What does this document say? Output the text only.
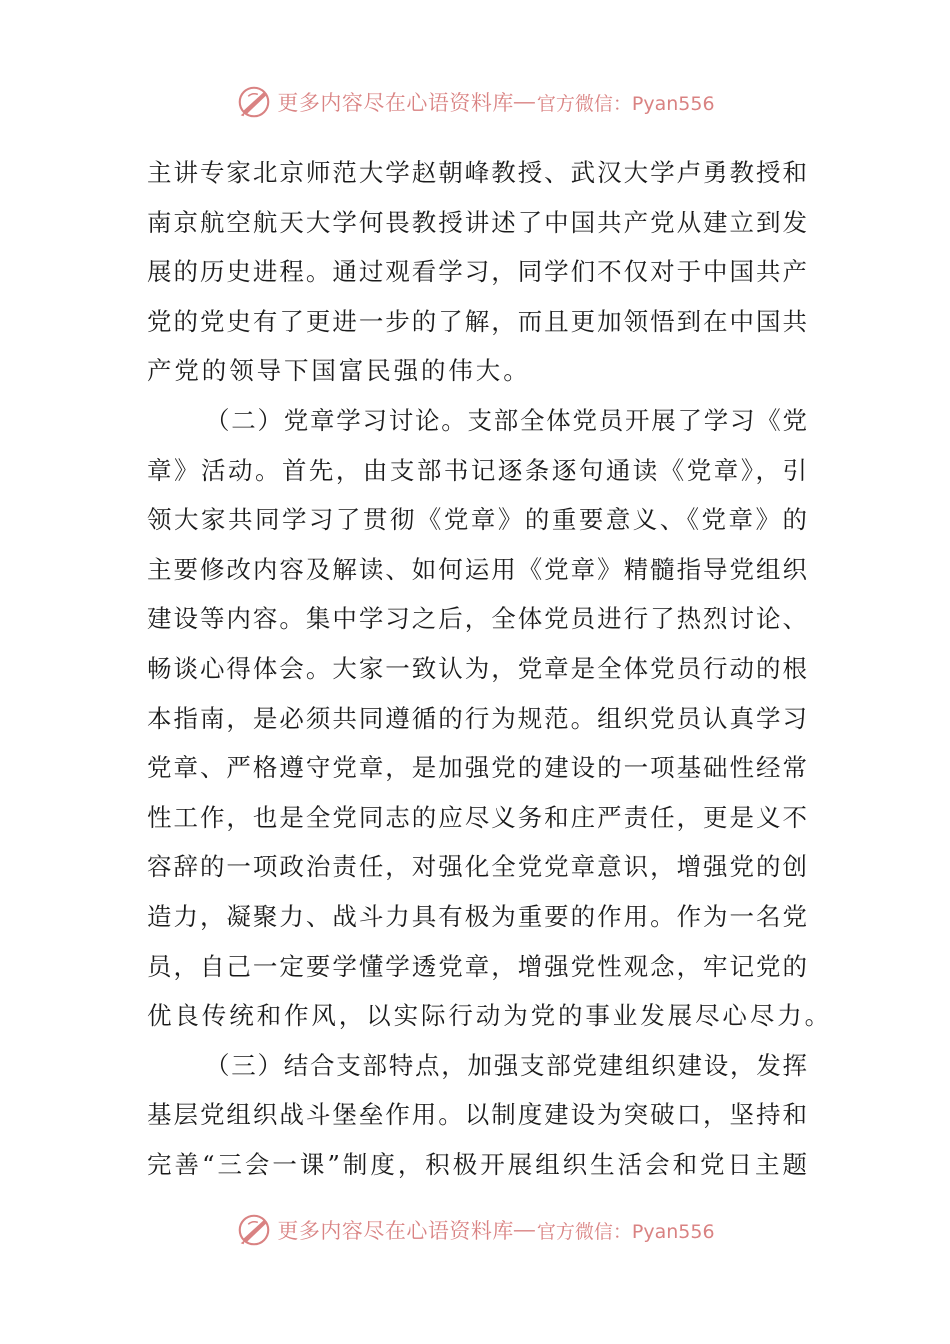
更多内容尽在心语资料库 — 官方微信：Pyan556
主讲专家北京师范大学赵朝峰教授、武汉大学卢勇教授和
南京航空航天大学何畏教授讲述了中国共产党从建立到发
展的历史进程。通过观看学习，同学们不仅对于中国共产
党的党史有了更进一步的了解，而且更加领悟到在中国共
产党的领导下国富民强的伟大。
（二）党章学习讨论。支部全体党员开展了学习《党
章》活动。首先，由支部书记逐条逐句通读《党章》，引
领大家共同学习了贯彻《党章》的重要意义、《党章》的
主要修改内容及解读、如何运用《党章》精髓指导党组织
建设等内容。集中学习之后，全体党员进行了热烈讨论、
畅谈心得体会。大家一致认为，党章是全体党员行动的根
本指南，是必须共同遵循的行为规范。组织党员认真学习
党章、严格遵守党章，是加强党的建设的一项基础性经常
性工作，也是全党同志的应尽义务和庄严责任，更是义不
容辞的一项政治责任，对强化全党党章意识，增强党的创
造力，凝聚力、战斗力具有极为重要的作用。作为一名党
员，自己一定要学懂学透党章，增强党性观念，牢记党的
优良传统和作风，以实际行动为党的事业发展尽心尽力。
（三）结合支部特点，加强支部党建组织建设，发挥
基层党组织战斗堡垒作用。以制度建设为突破口，坚持和
完善“三会一课”制度，积极开展组织生活会和党日主题
更多内容尽在心语资料库 — 官方微信：Pyan556
